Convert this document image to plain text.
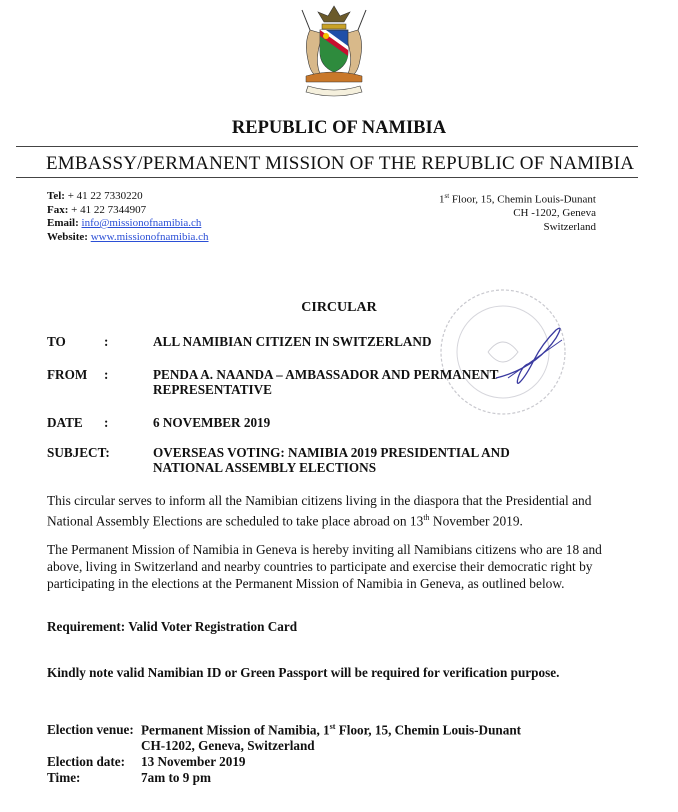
REPUBLIC OF NAMIBIA
EMBASSY/PERMANENT MISSION OF THE REPUBLIC OF NAMIBIA
Tel: + 41 22 7330220
Fax: + 41 22 7344907
Email: info@missionofnamibia.ch
Website: www.missionofnamibia.ch
1st Floor, 15, Chemin Louis-Dunant
CH -1202, Geneva
Switzerland
CIRCULAR
TO	:	ALL NAMIBIAN CITIZEN IN SWITZERLAND
FROM :	PENDA A. NAANDA – AMBASSADOR AND PERMANENT
REPRESENTATIVE
DATE :	6 NOVEMBER 2019
SUBJECT:	OVERSEAS VOTING: NAMIBIA 2019 PRESIDENTIAL AND
NATIONAL ASSEMBLY ELECTIONS
This circular serves to inform all the Namibian citizens living in the diaspora that the Presidential and National Assembly Elections are scheduled to take place abroad on 13th November 2019.
The Permanent Mission of Namibia in Geneva is hereby inviting all Namibians citizens who are 18 and above, living in Switzerland and nearby countries to participate and exercise their democratic right by participating in the elections at the Permanent Mission of Namibia in Geneva, as outlined below.
Requirement: Valid Voter Registration Card
Kindly note valid Namibian ID or Green Passport will be required for verification purpose.
Election venue: Permanent Mission of Namibia, 1st Floor, 15, Chemin Louis-Dunant
CH-1202, Geneva, Switzerland
Election date: 13 November 2019
Time:	7am to 9 pm
